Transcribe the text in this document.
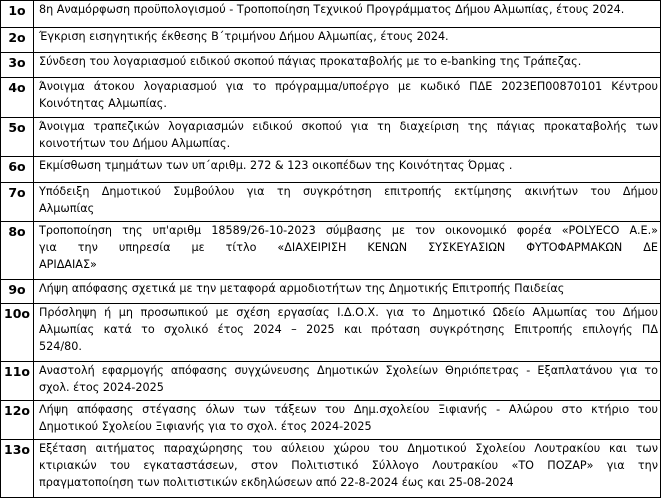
1ο	8η Αναμόρφωση προϋπολογισμού - Τροποποίηση Τεχνικού Προγράμματος Δήμου Αλμωπίας, έτους 2024.

2ο	Έγκριση εισηγητικής έκθεσης Β΄τριμήνου Δήμου Αλμωπίας, έτους 2024.

3ο	Σύνδεση του λογαριασμού ειδικού σκοπού πάγιας προκαταβολής με το e-banking της Τράπεζας.

4ο	Άνοιγμα άτοκου λογαριασμού για το πρόγραμμα/υποέργο με κωδικό ΠΔΕ 2023ΕΠ00870101 Κέντρου
Κοινότητας Αλμωπίας.

5ο	Άνοιγμα τραπεζικών λογαριασμών ειδικού σκοπού για τη διαχείριση της πάγιας προκαταβολής των
κοινοτήτων του Δήμου Αλμωπίας.

6ο	Εκμίσθωση τμημάτων των υπ΄αριθμ. 272 & 123 οικοπέδων της Κοινότητας Όρμας .

7ο	Υπόδειξη Δημοτικού Συμβούλου για τη συγκρότηση επιτροπής εκτίμησης ακινήτων του Δήμου
Αλμωπίας

8ο	Τροποποίηση της υπ'αριθμ 18589/26-10-2023 σύμβασης με τον οικονομικό φορέα «POLYECO A.E.»
για την υπηρεσία με τίτλο «ΔΙΑΧΕΙΡΙΣΗ ΚΕΝΩΝ ΣΥΣΚΕΥΑΣΙΩΝ ΦΥΤΟΦΑΡΜΑΚΩΝ ΔΕ
ΑΡΙΔΑΙΑΣ»

9ο	Λήψη απόφασης σχετικά με την μεταφορά αρμοδιοτήτων της Δημοτικής Επιτροπής Παιδείας

10ο	Πρόσληψη ή μη προσωπικού με σχέση εργασίας Ι.Δ.Ο.Χ. για το Δημοτικό Ωδείο Αλμωπίας του Δήμου
Αλμωπίας κατά το σχολικό έτος 2024 – 2025 και πρόταση συγκρότησης Επιτροπής επιλογής ΠΔ
524/80.

11ο	Αναστολή εφαρμογής απόφασης συγχώνευσης Δημοτικών Σχολείων Θηριόπετρας - Εξαπλατάνου για το
σχολ. έτος 2024-2025

12ο	Λήψη απόφασης στέγασης όλων των τάξεων του Δημ.σχολείου Ξιφιανής - Αλώρου στο κτήριο του
Δημοτικού Σχολείου Ξιφιανής για το σχολ. έτος 2024-2025

13ο	Εξέταση αιτήματος παραχώρησης του αύλειου χώρου του Δημοτικού Σχολείου Λουτρακίου και των
κτιριακών του εγκαταστάσεων, στον Πολιτιστικό Σύλλογο Λουτρακίου «ΤΟ ΠΟΖΑΡ» για την
πραγματοποίηση των πολιτιστικών εκδηλώσεων από 22-8-2024 έως και 25-08-2024
